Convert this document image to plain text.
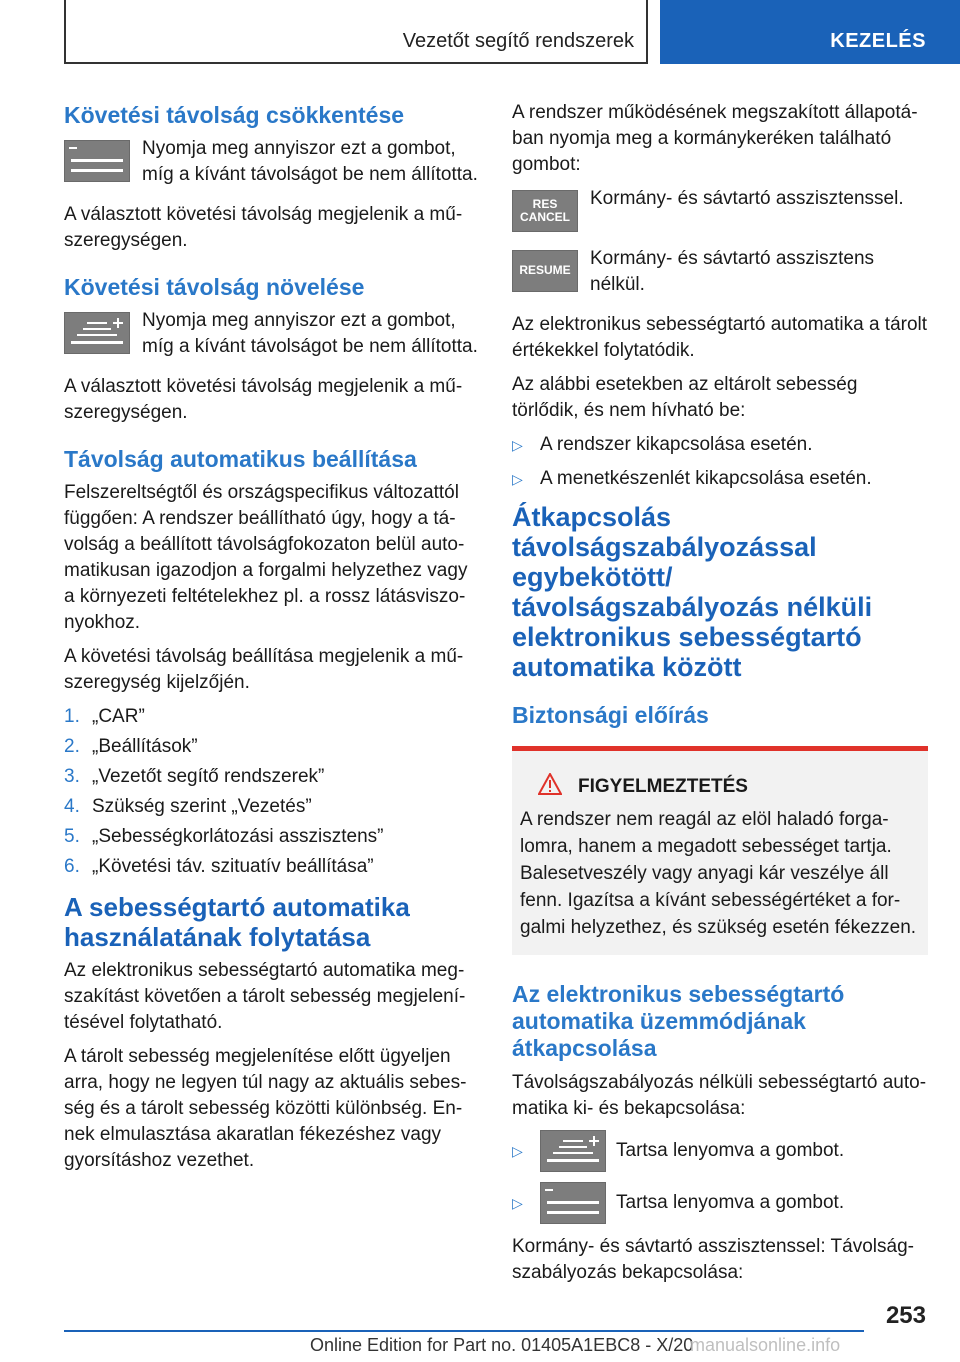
Vezetőt segítő rendszerek	KEZELÉS
Követési távolság csökkentése
Nyomja meg annyiszor ezt a gombot, míg a kívánt távolságot be nem állította.

A választott követési távolság megjelenik a műszeregységen.

Követési távolság növelése
Nyomja meg annyiszor ezt a gombot, míg a kívánt távolságot be nem állította.

A választott követési távolság megjelenik a műszeregységen.

Távolság automatikus beállítása

Felszereltségtől és országspecifikus változattól függően: A rendszer beállítható úgy, hogy a távolság a beállított távolságfokozaton belül automatikusan igazodjon a forgalmi helyzethez vagy a környezeti feltételekhez pl. a rossz látásviszonyokhoz.

A követési távolság beállítása megjelenik a műszeregység kijelzőjén.

1. „CAR”
2. „Beállítások”
3. „Vezetőt segítő rendszerek”
4. Szükség szerint „Vezetés”
5. „Sebességkorlátozási asszisztens”
6. „Követési táv. szituatív beállítása”
A sebességtartó automatika használatának folytatása

Az elektronikus sebességtartó automatika megszakítást követően a tárolt sebesség megjelenítésével folytatható.

A tárolt sebesség megjelenítése előtt ügyeljen arra, hogy ne legyen túl nagy az aktuális sebesség és a tárolt sebesség közötti különbség. Ennek elmulasztása akaratlan fékezéshez vagy gyorsításhoz vezethet.

A rendszer működésének megszakított állapotában nyomja meg a kormánykeréken található gombot:

RES
CANCEL
Kormány- és sávtartó asszisztenssel.
RESUME
Kormány- és sávtartó asszisztens nélkül.

Az elektronikus sebességtartó automatika a tárolt értékekkel folytatódik.

Az alábbi esetekben az eltárolt sebesség törlődik, és nem hívható be:

▷ A rendszer kikapcsolása esetén.
▷ A menetkészenlét kikapcsolása esetén.
Átkapcsolás távolságszabályozással egybekötött/ távolságszabályozás nélküli elektronikus sebességtartó automatika között
Biztonsági előírás
FIGYELMEZTETÉS

A rendszer nem reagál az elöl haladó forgalomra, hanem a megadott sebességet tartja. Balesetveszély vagy anyagi kár veszélye áll fenn. Igazítsa a kívánt sebességértéket a forgalmi helyzethez, és szükség esetén fékezzen.

Az elektronikus sebességtartó automatika üzemmódjának átkapcsolása

Távolságszabályozás nélküli sebességtartó automatika ki- és bekapcsolása:

▷	Tartsa lenyomva a gombot.
▷	Tartsa lenyomva a gombot.

Kormány- és sávtartó asszisztenssel: Távolságszabályozás bekapcsolása:

253
Online Edition for Part no. 01405A1EBC8 - X/20
manualsonline.info
